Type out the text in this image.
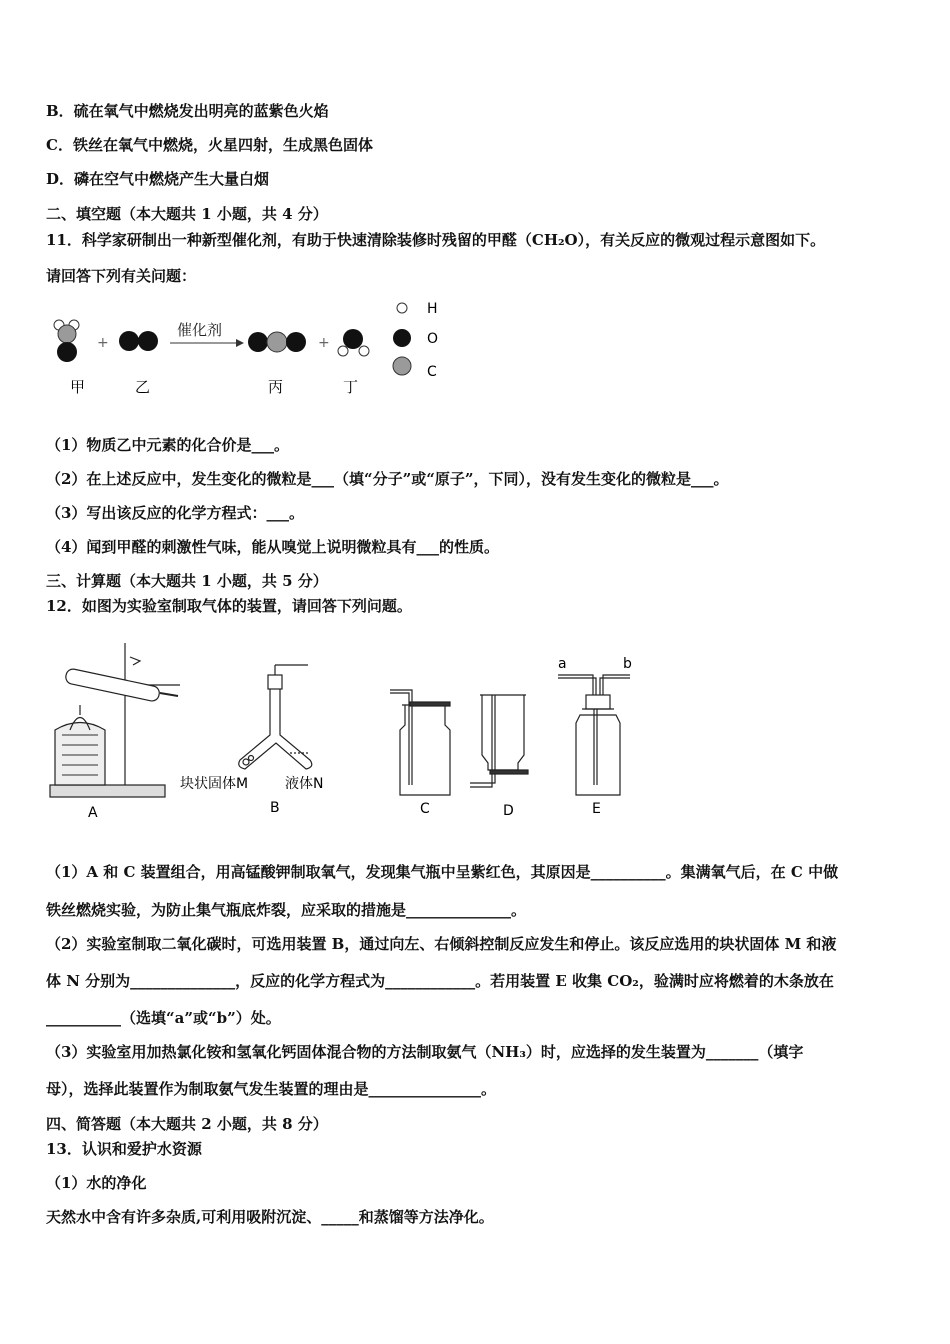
B．硫在氧气中燃烧发出明亮的蓝紫色火焰
C．铁丝在氧气中燃烧，火星四射，生成黑色固体
D．磷在空气中燃烧产生大量白烟
二、填空题（本大题共 1 小题，共 4 分）
11．科学家研制出一种新型催化剂，有助于快速清除装修时残留的甲醛（CH₂O），有关反应的微观过程示意图如下。
请回答下列有关问题：
+
催化剂
+
甲	乙	丙	丁
H
O
C
（1）物质乙中元素的化合价是___。
（2）在上述反应中，发生变化的微粒是___（填“分子”或“原子”，下同），没有发生变化的微粒是___。
（3）写出该反应的化学方程式：___。
（4）闻到甲醛的刺激性气味，能从嗅觉上说明微粒具有___的性质。
三、计算题（本大题共 1 小题，共 5 分）
12．如图为实验室制取气体的装置，请回答下列问题。
A
块状固体M	液体N
B	C	D
a	b
E
（1）A 和 C 装置组合，用高锰酸钾制取氧气，发现集气瓶中呈紫红色，其原因是__________。集满氧气后，在 C 中做
铁丝燃烧实验，为防止集气瓶底炸裂，应采取的措施是______________。
（2）实验室制取二氧化碳时，可选用装置 B，通过向左、右倾斜控制反应发生和停止。该反应选用的块状固体 M 和液
体 N 分别为______________，反应的化学方程式为____________。若用装置 E 收集 CO₂，验满时应将燃着的木条放在
__________（选填“a”或“b”）处。
（3）实验室用加热氯化铵和氢氧化钙固体混合物的方法制取氨气（NH₃）时，应选择的发生装置为_______（填字
母），选择此装置作为制取氨气发生装置的理由是_______________。
四、简答题（本大题共 2 小题，共 8 分）
13．认识和爱护水资源
（1）水的净化
天然水中含有许多杂质,可利用吸附沉淀、_____和蒸馏等方法净化。
